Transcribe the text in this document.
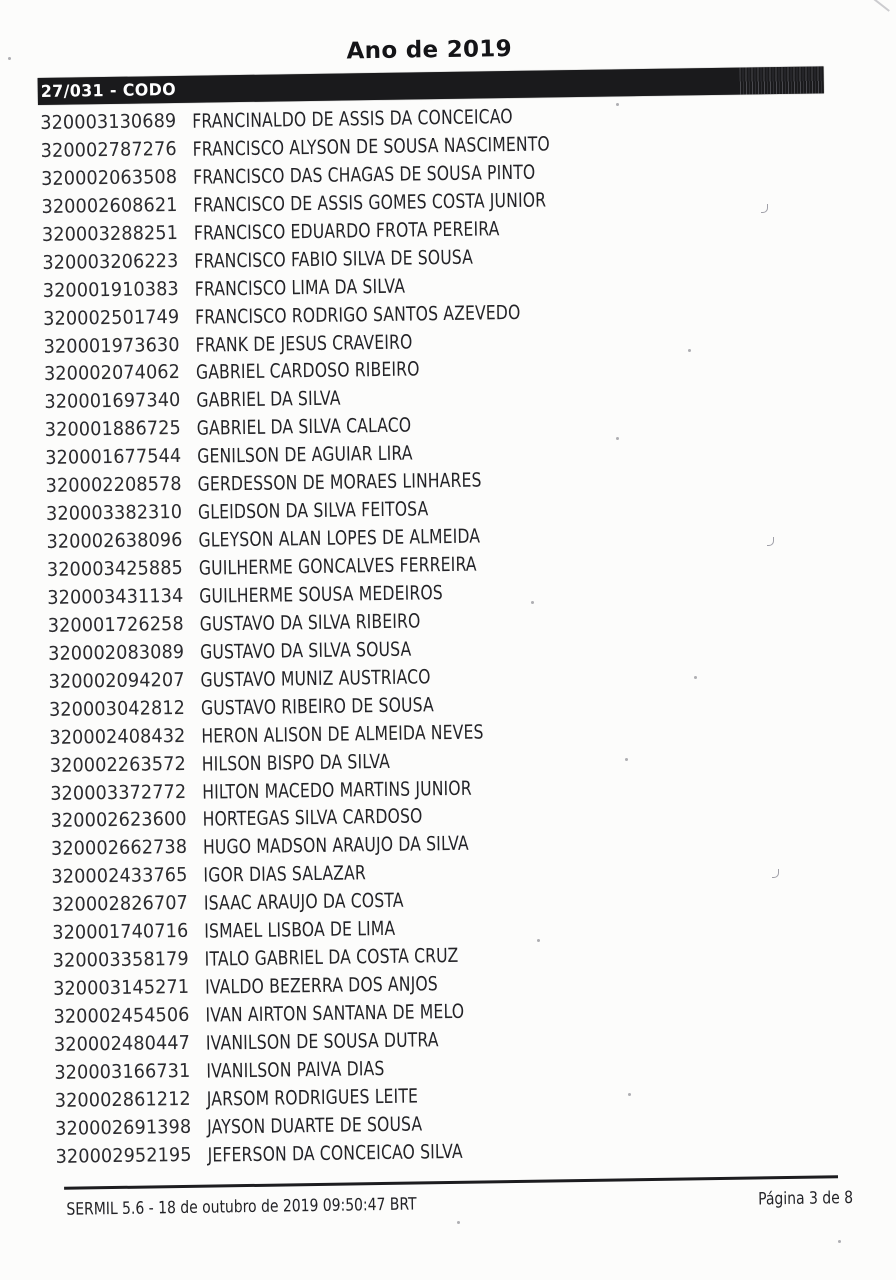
Ano de 2019
27/031 - CODO
320003130689 FRANCINALDO DE ASSIS DA CONCEICAO
320002787276 FRANCISCO ALYSON DE SOUSA NASCIMENTO
320002063508 FRANCISCO DAS CHAGAS DE SOUSA PINTO
320002608621 FRANCISCO DE ASSIS GOMES COSTA JUNIOR
320003288251 FRANCISCO EDUARDO FROTA PEREIRA
320003206223 FRANCISCO FABIO SILVA DE SOUSA
320001910383 FRANCISCO LIMA DA SILVA
320002501749 FRANCISCO RODRIGO SANTOS AZEVEDO
320001973630 FRANK DE JESUS CRAVEIRO
320002074062 GABRIEL CARDOSO RIBEIRO
320001697340 GABRIEL DA SILVA
320001886725 GABRIEL DA SILVA CALACO
320001677544 GENILSON DE AGUIAR LIRA
320002208578 GERDESSON DE MORAES LINHARES
320003382310 GLEIDSON DA SILVA FEITOSA
320002638096 GLEYSON ALAN LOPES DE ALMEIDA
320003425885 GUILHERME GONCALVES FERREIRA
320003431134 GUILHERME SOUSA MEDEIROS
320001726258 GUSTAVO DA SILVA RIBEIRO
320002083089 GUSTAVO DA SILVA SOUSA
320002094207 GUSTAVO MUNIZ AUSTRIACO
320003042812 GUSTAVO RIBEIRO DE SOUSA
320002408432 HERON ALISON DE ALMEIDA NEVES
320002263572 HILSON BISPO DA SILVA
320003372772 HILTON MACEDO MARTINS JUNIOR
320002623600 HORTEGAS SILVA CARDOSO
320002662738 HUGO MADSON ARAUJO DA SILVA
320002433765 IGOR DIAS SALAZAR
320002826707 ISAAC ARAUJO DA COSTA
320001740716 ISMAEL LISBOA DE LIMA
320003358179 ITALO GABRIEL DA COSTA CRUZ
320003145271 IVALDO BEZERRA DOS ANJOS
320002454506 IVAN AIRTON SANTANA DE MELO
320002480447 IVANILSON DE SOUSA DUTRA
320003166731 IVANILSON PAIVA DIAS
320002861212 JARSOM RODRIGUES LEITE
320002691398 JAYSON DUARTE DE SOUSA
320002952195 JEFERSON DA CONCEICAO SILVA
SERMIL 5.6 - 18 de outubro de 2019 09:50:47 BRT	Página 3 de 8
